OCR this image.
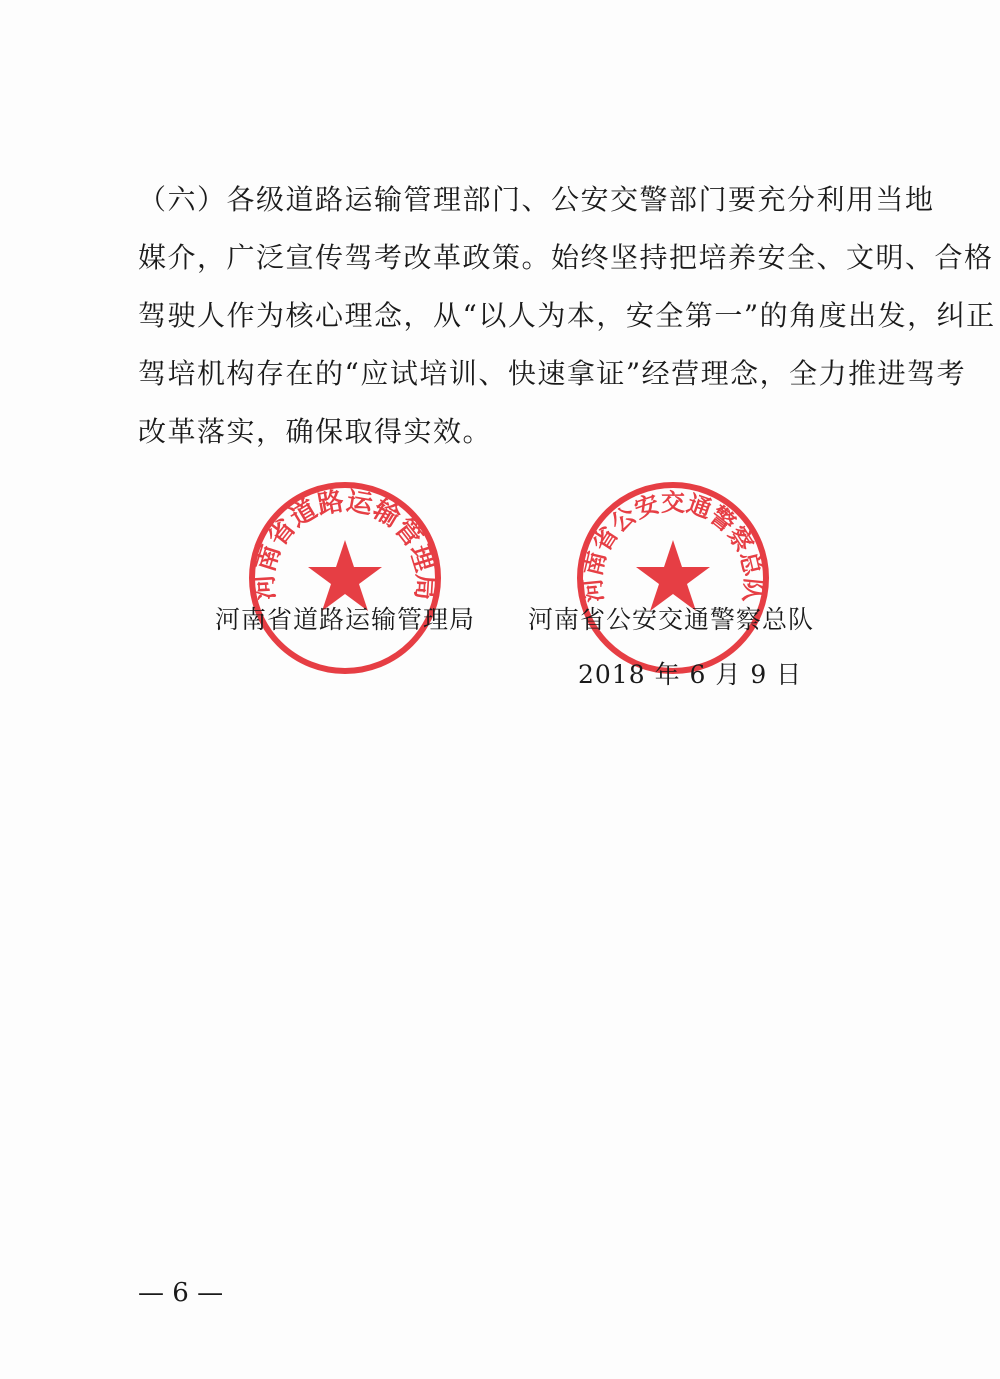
（六）各级道路运输管理部门、公安交警部门要充分利用当地
媒介，广泛宣传驾考改革政策。始终坚持把培养安全、文明、合格
驾驶人作为核心理念，从“以人为本，安全第一”的角度出发，纠正
驾培机构存在的“应试培训、快速拿证”经营理念，全力推进驾考
改革落实，确保取得实效。
河南省道路运输管理局	河南省公安交通警察总队
河南省道路运输管理局 河南省公安交通警察总队
2018 年 6 月 9 日
— 6 —
